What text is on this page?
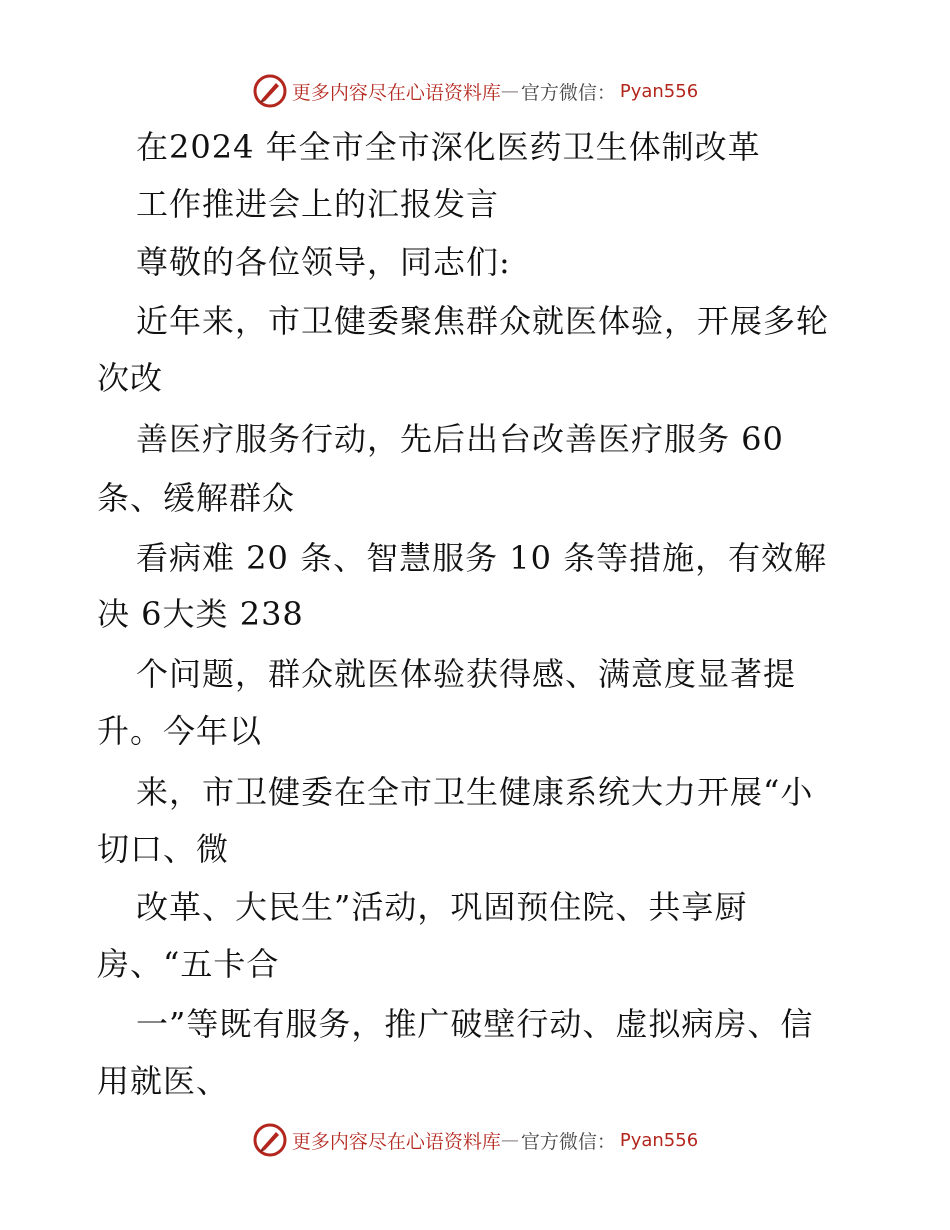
更多内容尽在心语资料库 — 官方微信： Pyan556
在2024 年全市全市深化医药卫生体制改革
工作推进会上的汇报发言
尊敬的各位领导，同志们:
近年来，市卫健委聚焦群众就医体验，开展多轮
次改
善医疗服务行动，先后出台改善医疗服务 60
条、缓解群众
看病难 20 条、智慧服务 10 条等措施，有效解
决 6大类 238
个问题，群众就医体验获得感、满意度显著提
升。今年以
来，市卫健委在全市卫生健康系统大力开展“小
切口、微
改革、大民生”活动，巩固预住院、共享厨
房、“五卡合
一”等既有服务，推广破壁行动、虚拟病房、信
用就医、
更多内容尽在心语资料库 — 官方微信： Pyan556
